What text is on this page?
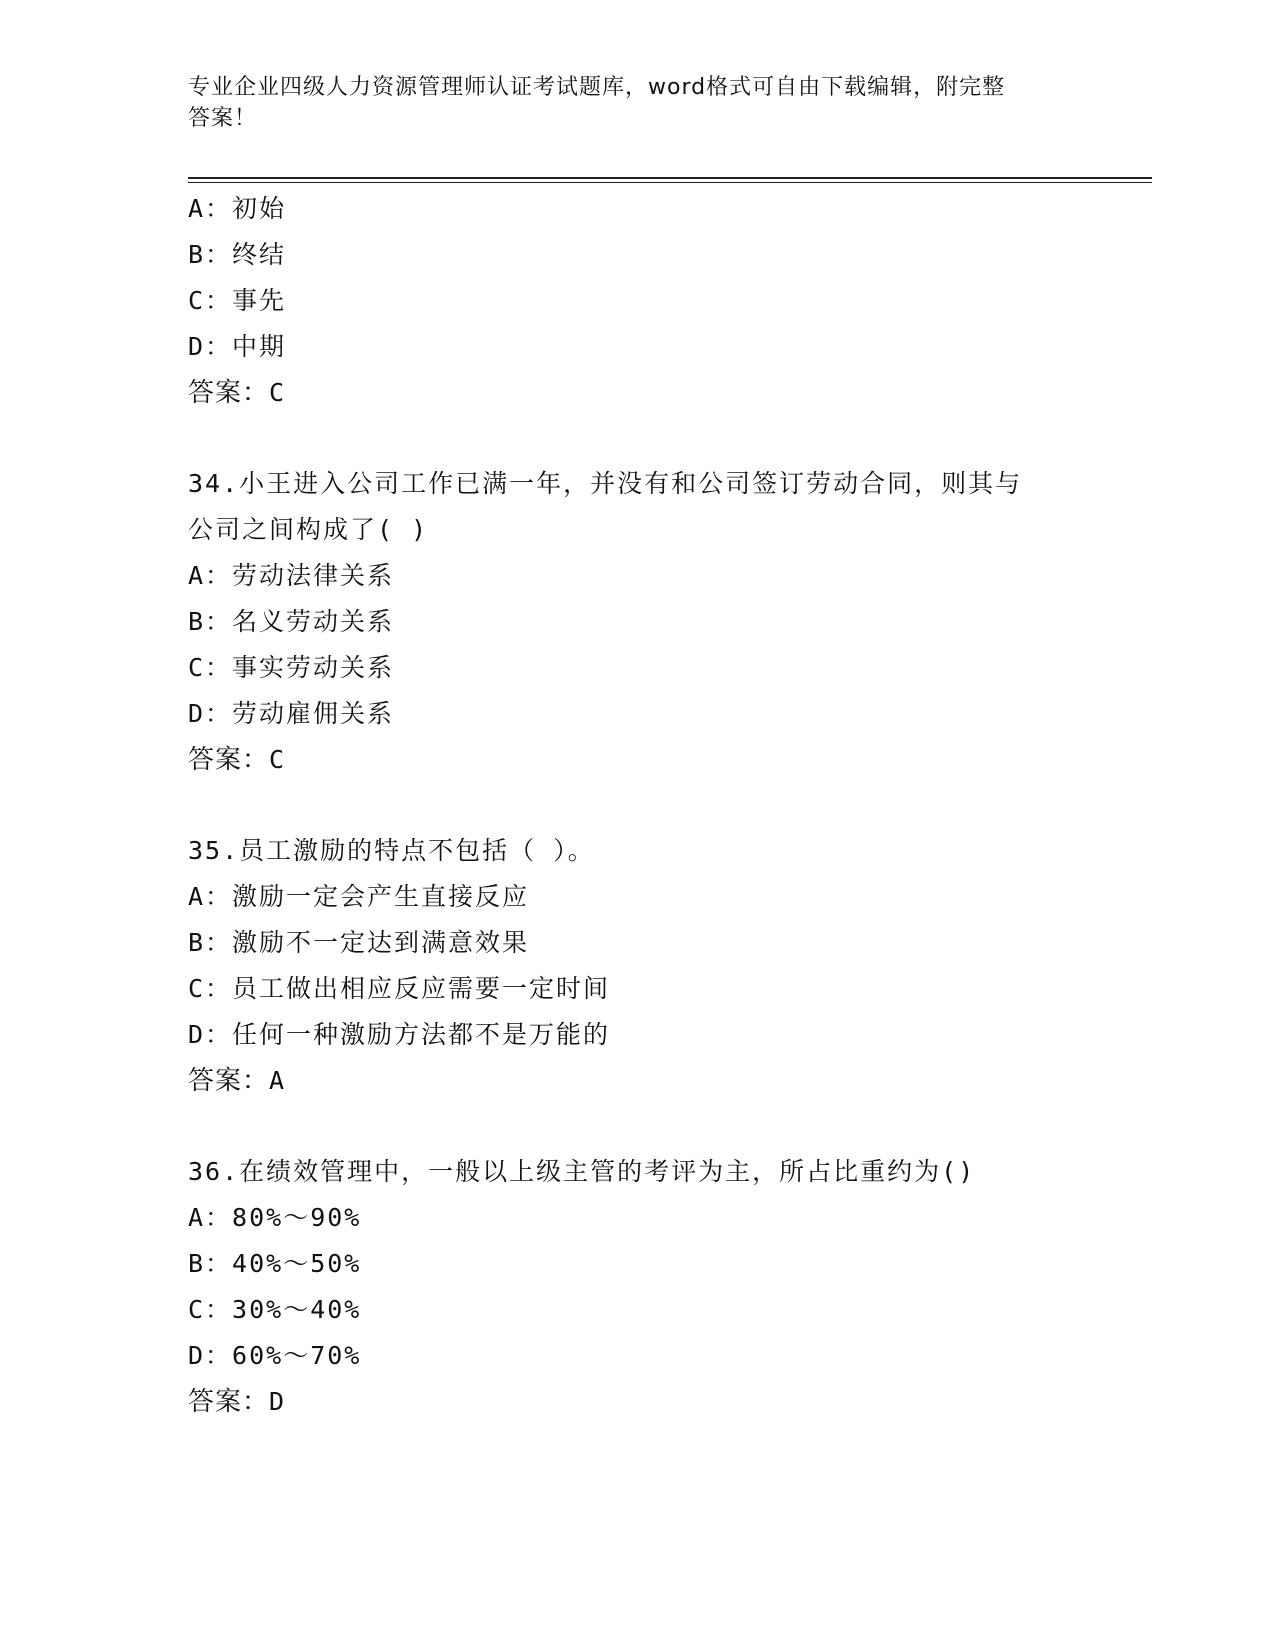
专业企业四级人力资源管理师认证考试题库，word格式可自由下载编辑，附完整
答案！
A：初始
B：终结
C：事先
D：中期
答案：C
34.小王进入公司工作已满一年，并没有和公司签订劳动合同，则其与
公司之间构成了( )
A：劳动法律关系
B：名义劳动关系
C：事实劳动关系
D：劳动雇佣关系
答案：C
35.员工激励的特点不包括（ ）。
A：激励一定会产生直接反应
B：激励不一定达到满意效果
C：员工做出相应反应需要一定时间
D：任何一种激励方法都不是万能的
答案：A
36.在绩效管理中，一般以上级主管的考评为主，所占比重约为()
A：80%～90%
B：40%～50%
C：30%～40%
D：60%～70%
答案：D
